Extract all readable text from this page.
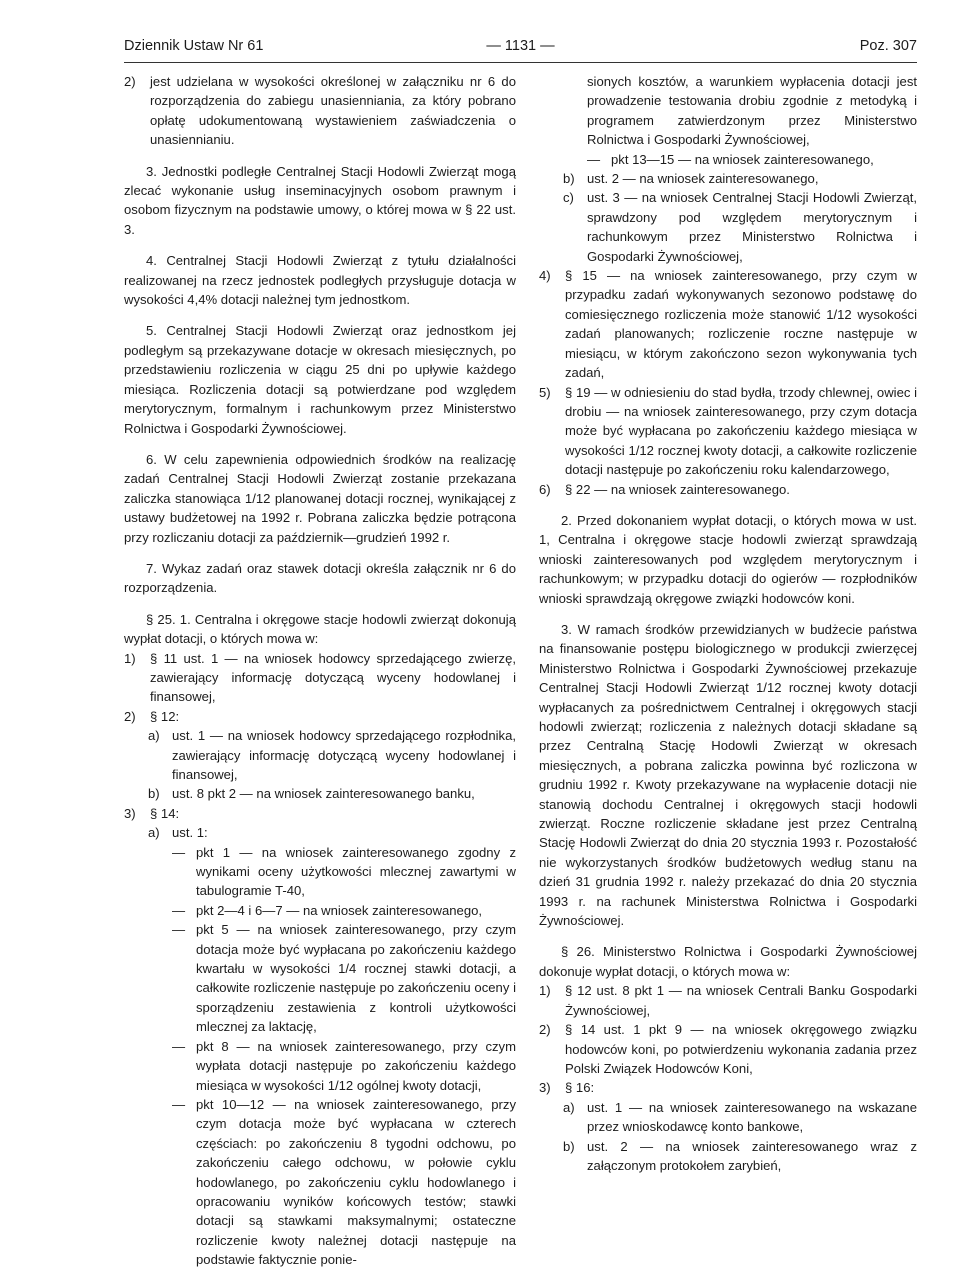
Dziennik Ustaw Nr 61	— 1131 —	Poz. 307
2)	jest udzielana w wysokości określonej w załączniku nr 6 do rozporządzenia do zabiegu unasienniania, za który pobrano opłatę udokumentowaną wystawieniem zaświadczenia o unasiennianiu.

3. Jednostki podległe Centralnej Stacji Hodowli Zwierząt mogą zlecać wykonanie usług inseminacyjnych osobom prawnym i osobom fizycznym na podstawie umowy, o której mowa w § 22 ust. 3.

4. Centralnej Stacji Hodowli Zwierząt z tytułu działalności realizowanej na rzecz jednostek podległych przysługuje dotacja w wysokości 4,4% dotacji należnej tym jednostkom.

5. Centralnej Stacji Hodowli Zwierząt oraz jednostkom jej podległym są przekazywane dotacje w okresach miesięcznych, po przedstawieniu rozliczenia w ciągu 25 dni po upływie każdego miesiąca. Rozliczenia dotacji są potwierdzane pod względem merytorycznym, formalnym i rachunkowym przez Ministerstwo Rolnictwa i Gospodarki Żywnościowej.

6. W celu zapewnienia odpowiednich środków na realizację zadań Centralnej Stacji Hodowli Zwierząt zostanie przekazana zaliczka stanowiąca 1/12 planowanej dotacji rocznej, wynikającej z ustawy budżetowej na 1992 r. Pobrana zaliczka będzie potrącona przy rozliczaniu dotacji za październik—grudzień 1992 r.

7. Wykaz zadań oraz stawek dotacji określa załącznik nr 6 do rozporządzenia.

§ 25. 1. Centralna i okręgowe stacje hodowli zwierząt dokonują wypłat dotacji, o których mowa w:

1)	§ 11 ust. 1 — na wniosek hodowcy sprzedającego zwierzę, zawierający informację dotyczącą wyceny hodowlanej i finansowej,
2)	§ 12:
a) ust. 1 — na wniosek hodowcy sprzedającego rozpłodnika, zawierający informację dotyczącą wyceny hodowlanej i finansowej,
b) ust. 8 pkt 2 — na wniosek zainteresowanego banku,
3)	§ 14:
a) ust. 1:
— pkt 1 — na wniosek zainteresowanego zgodny z wynikami oceny użytkowości mlecznej zawartymi w tabulogramie T-40,
— pkt 2—4 i 6—7 — na wniosek zainteresowanego,
— pkt 5 — na wniosek zainteresowanego, przy czym dotacja może być wypłacana po zakończeniu każdego kwartału w wysokości 1/4 rocznej stawki dotacji, a całkowite rozliczenie następuje po zakończeniu oceny i sporządzeniu zestawienia z kontroli użytkowości mlecznej za laktację,
— pkt 8 — na wniosek zainteresowanego, przy czym wypłata dotacji następuje po zakończeniu każdego miesiąca w wysokości 1/12 ogólnej kwoty dotacji,
— pkt 10—12 — na wniosek zainteresowanego, przy czym dotacja może być wypłacana w czterech częściach: po zakończeniu 8 tygodni odchowu, po zakończeniu całego odchowu, w połowie cyklu hodowlanego, po zakończeniu cyklu hodowlanego i opracowaniu wyników końcowych testów; stawki dotacji są stawkami maksymalnymi; ostateczne rozliczenie kwoty należnej dotacji następuje na podstawie faktycznie ponie-

sionych kosztów, a warunkiem wypłacenia dotacji jest prowadzenie testowania drobiu zgodnie z metodyką i programem zatwierdzonym przez Ministerstwo Rolnictwa i Gospodarki Żywnościowej,

— pkt 13—15 — na wniosek zainteresowanego,
b) ust. 2 — na wniosek zainteresowanego,
c) ust. 3 — na wniosek Centralnej Stacji Hodowli Zwierząt, sprawdzony pod względem merytorycznym i rachunkowym przez Ministerstwo Rolnictwa i Gospodarki Żywnościowej,
4)	§ 15 — na wniosek zainteresowanego, przy czym w przypadku zadań wykonywanych sezonowo podstawę do comiesięcznego rozliczenia może stanowić 1/12 wysokości zadań planowanych; rozliczenie roczne następuje w miesiącu, w którym zakończono sezon wykonywania tych zadań,
5)	§ 19 — w odniesieniu do stad bydła, trzody chlewnej, owiec i drobiu — na wniosek zainteresowanego, przy czym dotacja może być wypłacana po zakończeniu każdego miesiąca w wysokości 1/12 rocznej kwoty dotacji, a całkowite rozliczenie dotacji następuje po zakończeniu roku kalendarzowego,
6)	§ 22 — na wniosek zainteresowanego.

2. Przed dokonaniem wypłat dotacji, o których mowa w ust. 1, Centralna i okręgowe stacje hodowli zwierząt sprawdzają wnioski zainteresowanych pod względem merytorycznym i rachunkowym; w przypadku dotacji do ogierów — rozpłodników wnioski sprawdzają okręgowe związki hodowców koni.

3. W ramach środków przewidzianych w budżecie państwa na finansowanie postępu biologicznego w produkcji zwierzęcej Ministerstwo Rolnictwa i Gospodarki Żywnościowej przekazuje Centralnej Stacji Hodowli Zwierząt 1/12 rocznej kwoty dotacji wypłacanych za pośrednictwem Centralnej i okręgowych stacji hodowli zwierząt; rozliczenia z należnych dotacji składane są przez Centralną Stację Hodowli Zwierząt w okresach miesięcznych, a pobrana zaliczka powinna być rozliczona w grudniu 1992 r. Kwoty przekazywane na wypłacenie dotacji nie stanowią dochodu Centralnej i okręgowych stacji hodowli zwierząt. Roczne rozliczenie składane jest przez Centralną Stację Hodowli Zwierząt do dnia 20 stycznia 1993 r. Pozostałość nie wykorzystanych środków budżetowych według stanu na dzień 31 grudnia 1992 r. należy przekazać do dnia 20 stycznia 1993 r. na rachunek Ministerstwa Rolnictwa i Gospodarki Żywnościowej.

§ 26. Ministerstwo Rolnictwa i Gospodarki Żywnościowej dokonuje wypłat dotacji, o których mowa w:

1)	§ 12 ust. 8 pkt 1 — na wniosek Centrali Banku Gospodarki Żywnościowej,
2)	§ 14 ust. 1 pkt 9 — na wniosek okręgowego związku hodowców koni, po potwierdzeniu wykonania zadania przez Polski Związek Hodowców Koni,
3)	§ 16:
a) ust. 1 — na wniosek zainteresowanego na wskazane przez wnioskodawcę konto bankowe,
b) ust. 2 — na wniosek zainteresowanego wraz z załączonym protokołem zarybień,
